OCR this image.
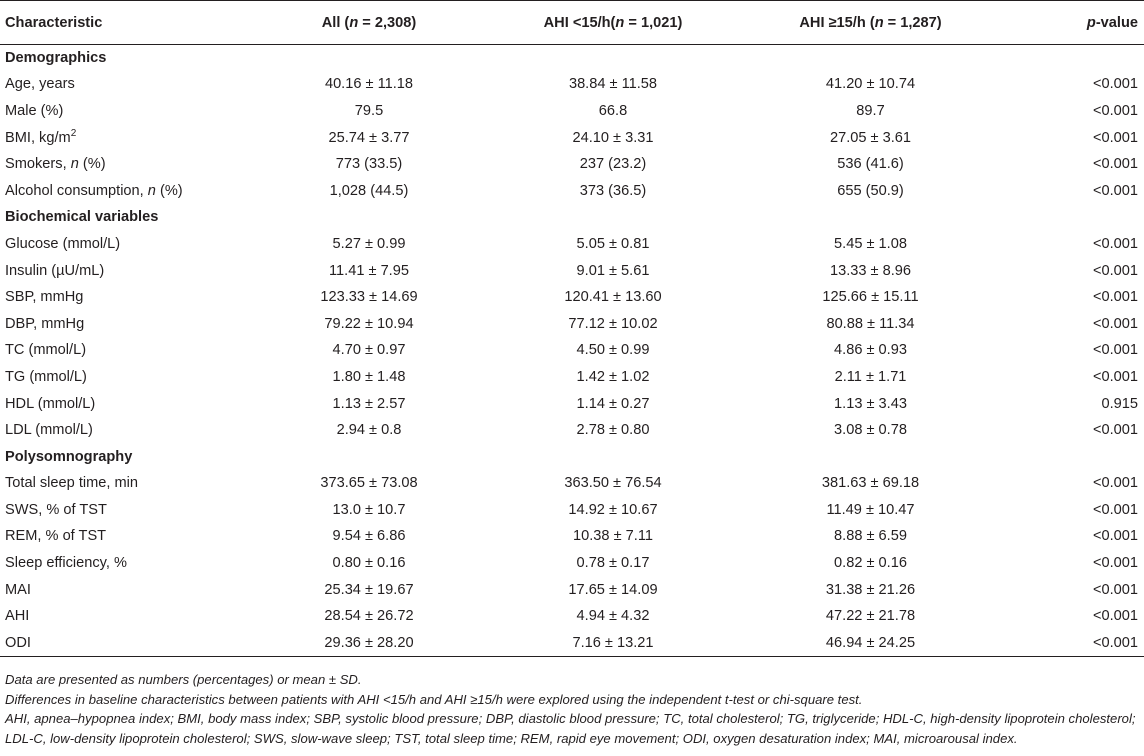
Characteristic	All (n = 2,308)	AHI <15/h(n = 1,021)	AHI ≥15/h (n = 1,287)	p-value
Demographics				
Age, years	40.16 ± 11.18	38.84 ± 11.58	41.20 ± 10.74	<0.001
Male (%)	79.5	66.8	89.7	<0.001
BMI, $kg/m^2$	25.74 ± 3.77	24.10 ± 3.31	27.05 ± 3.61	<0.001
Smokers, n (%)	773 (33.5)	237 (23.2)	536 (41.6)	<0.001
Alcohol consumption, n (%)	1,028 (44.5)	373 (36.5)	655 (50.9)	<0.001
Biochemical variables				
Glucose (mmol/L)	5.27 ± 0.99	5.05 ± 0.81	5.45 ± 1.08	<0.001
Insulin (µU/mL)	11.41 ± 7.95	9.01 ± 5.61	13.33 ± 8.96	<0.001
SBP, mmHg	123.33 ± 14.69	120.41 ± 13.60	125.66 ± 15.11	<0.001
DBP, mmHg	79.22 ± 10.94	77.12 ± 10.02	80.88 ± 11.34	<0.001
TC (mmol/L)	4.70 ± 0.97	4.50 ± 0.99	4.86 ± 0.93	<0.001
TG (mmol/L)	1.80 ± 1.48	1.42 ± 1.02	2.11 ± 1.71	<0.001
HDL (mmol/L)	1.13 ± 2.57	1.14 ± 0.27	1.13 ± 3.43	0.915
LDL (mmol/L)	2.94 ± 0.8	2.78 ± 0.80	3.08 ± 0.78	<0.001
Polysomnography				
Total sleep time, min	373.65 ± 73.08	363.50 ± 76.54	381.63 ± 69.18	<0.001
SWS, % of TST	13.0 ± 10.7	14.92 ± 10.67	11.49 ± 10.47	<0.001
REM, % of TST	9.54 ± 6.86	10.38 ± 7.11	8.88 ± 6.59	<0.001
Sleep efficiency, %	0.80 ± 0.16	0.78 ± 0.17	0.82 ± 0.16	<0.001
MAI	25.34 ± 19.67	17.65 ± 14.09	31.38 ± 21.26	<0.001
AHI	28.54 ± 26.72	4.94 ± 4.32	47.22 ± 21.78	<0.001
ODI	29.36 ± 28.20	7.16 ± 13.21	46.94 ± 24.25	<0.001

Data are presented as numbers (percentages) or mean ± SD.

Differences in baseline characteristics between patients with AHI <15/h and AHI ≥15/h were explored using the independent t-test or chi-square test.

AHI, apnea–hypopnea index; BMI, body mass index; SBP, systolic blood pressure; DBP, diastolic blood pressure; TC, total cholesterol; TG, triglyceride; HDL-C, high-density lipoprotein cholesterol; LDL-C, low-density lipoprotein cholesterol; SWS, slow-wave sleep; TST, total sleep time; REM, rapid eye movement; ODI, oxygen desaturation index; MAI, microarousal index.
